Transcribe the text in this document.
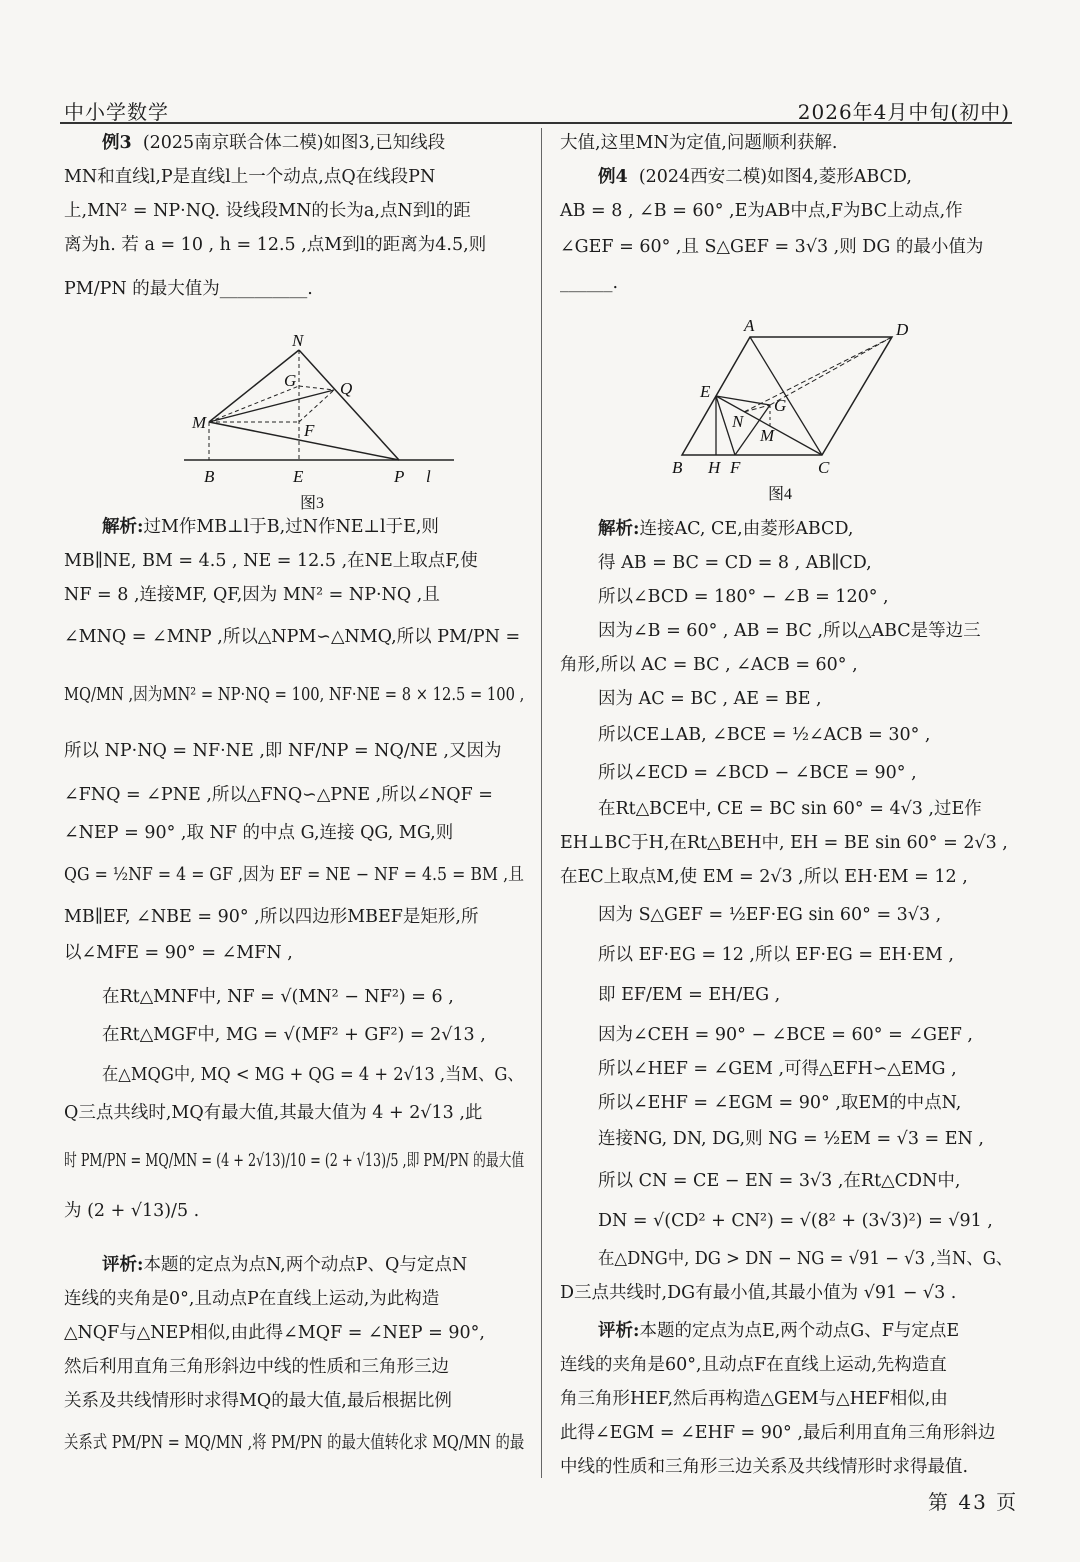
中小学数学	2026年4月中旬(初中)
例3 (2025南京联合体二模)如图3,已知线段
MN和直线l,P是直线l上一个动点,点Q在线段PN
上,MN² = NP·NQ. 设线段MN的长为a,点N到l的距
离为h. 若 a = 10 , h = 12.5 ,点M到l的距离为4.5,则
PM/PN 的最大值为__________.
N
G	Q
M	F
B	E	P l
图3
解析:过M作MB⊥l于B,过N作NE⊥l于E,则
MB∥NE, BM = 4.5 , NE = 12.5 ,在NE上取点F,使
NF = 8 ,连接MF, QF,因为 MN² = NP·NQ ,且
∠MNQ = ∠MNP ,所以△NPM∽△NMQ,所以 PM/PN =
MQ/MN ,因为MN² = NP·NQ = 100, NF·NE = 8 × 12.5 = 100 ,
所以 NP·NQ = NF·NE ,即 NF/NP = NQ/NE ,又因为
∠FNQ = ∠PNE ,所以△FNQ∽△PNE ,所以∠NQF =
∠NEP = 90° ,取 NF 的中点 G,连接 QG, MG,则
QG = ½NF = 4 = GF ,因为 EF = NE − NF = 4.5 = BM ,且
MB∥EF, ∠NBE = 90° ,所以四边形MBEF是矩形,所
以∠MFE = 90° = ∠MFN ,
在Rt△MNF中, NF = √(MN² − NF²) = 6 ,
在Rt△MGF中, MG = √(MF² + GF²) = 2√13 ,
在△MQG中, MQ < MG + QG = 4 + 2√13 ,当M、G、
Q三点共线时,MQ有最大值,其最大值为 4 + 2√13 ,此
时 PM/PN = MQ/MN = (4 + 2√13)/10 = (2 + √13)/5 ,即 PM/PN 的最大值
为 (2 + √13)/5 .
评析:本题的定点为点N,两个动点P、Q与定点N
连线的夹角是0°,且动点P在直线上运动,为此构造
△NQF与△NEP相似,由此得∠MQF = ∠NEP = 90°,
然后利用直角三角形斜边中线的性质和三角形三边
关系及共线情形时求得MQ的最大值,最后根据比例
关系式 PM/PN = MQ/MN ,将 PM/PN 的最大值转化求 MQ/MN 的最
大值,这里MN为定值,问题顺利获解.
例4 (2024西安二模)如图4,菱形ABCD,
AB = 8 , ∠B = 60° ,E为AB中点,F为BC上动点,作
∠GEF = 60° ,且 S△GEF = 3√3 ,则 DG 的最小值为
______.
A	D
E
N
G
M
B H F	C
图4
解析:连接AC, CE,由菱形ABCD,
得 AB = BC = CD = 8 , AB∥CD,
所以∠BCD = 180° − ∠B = 120° ,
因为∠B = 60° , AB = BC ,所以△ABC是等边三
角形,所以 AC = BC , ∠ACB = 60° ,
因为 AC = BC , AE = BE ,
所以CE⊥AB, ∠BCE = ½∠ACB = 30° ,
所以∠ECD = ∠BCD − ∠BCE = 90° ,
在Rt△BCE中, CE = BC sin 60° = 4√3 ,过E作
EH⊥BC于H,在Rt△BEH中, EH = BE sin 60° = 2√3 ,
在EC上取点M,使 EM = 2√3 ,所以 EH·EM = 12 ,
因为 S△GEF = ½EF·EG sin 60° = 3√3 ,
所以 EF·EG = 12 ,所以 EF·EG = EH·EM ,
即 EF/EM = EH/EG ,
因为∠CEH = 90° − ∠BCE = 60° = ∠GEF ,
所以∠HEF = ∠GEM ,可得△EFH∽△EMG ,
所以∠EHF = ∠EGM = 90° ,取EM的中点N,
连接NG, DN, DG,则 NG = ½EM = √3 = EN ,
所以 CN = CE − EN = 3√3 ,在Rt△CDN中,
DN = √(CD² + CN²) = √(8² + (3√3)²) = √91 ,
在△DNG中, DG > DN − NG = √91 − √3 ,当N、G、
D三点共线时,DG有最小值,其最小值为 √91 − √3 .
评析:本题的定点为点E,两个动点G、F与定点E
连线的夹角是60°,且动点F在直线上运动,先构造直
角三角形HEF,然后再构造△GEM与△HEF相似,由
此得∠EGM = ∠EHF = 90° ,最后利用直角三角形斜边
中线的性质和三角形三边关系及共线情形时求得最值.
第 43 页
